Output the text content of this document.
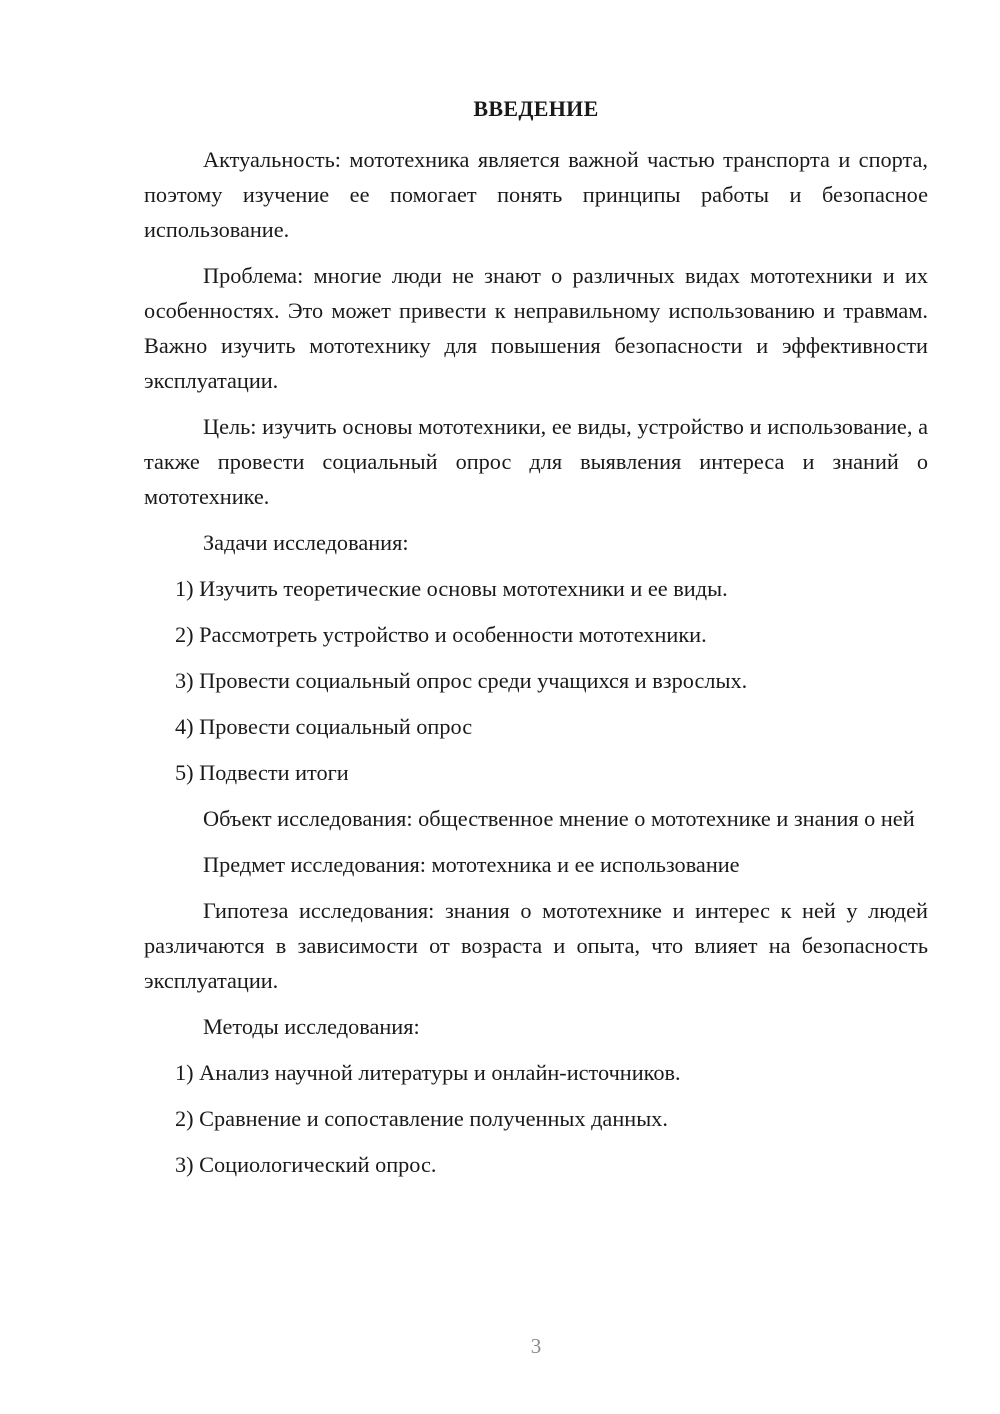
ВВЕДЕНИЕ

Актуальность: мототехника является важной частью транспорта и спорта, поэтому изучение ее помогает понять принципы работы и безопасное использование.

Проблема: многие люди не знают о различных видах мототехники и их особенностях. Это может привести к неправильному использованию и травмам. Важно изучить мототехнику для повышения безопасности и эффективности эксплуатации.

Цель: изучить основы мототехники, ее виды, устройство и использование, а также провести социальный опрос для выявления интереса и знаний о мототехнике.

Задачи исследования:

1) Изучить теоретические основы мототехники и ее виды.

2) Рассмотреть устройство и особенности мототехники.

3) Провести социальный опрос среди учащихся и взрослых.

4) Провести социальный опрос

5) Подвести итоги

Объект исследования: общественное мнение о мототехнике и знания о ней

Предмет исследования: мототехника и ее использование

Гипотеза исследования: знания о мототехнике и интерес к ней у людей различаются в зависимости от возраста и опыта, что влияет на безопасность эксплуатации.

Методы исследования:

1) Анализ научной литературы и онлайн-источников.

2) Сравнение и сопоставление полученных данных.

3) Социологический опрос.

3
